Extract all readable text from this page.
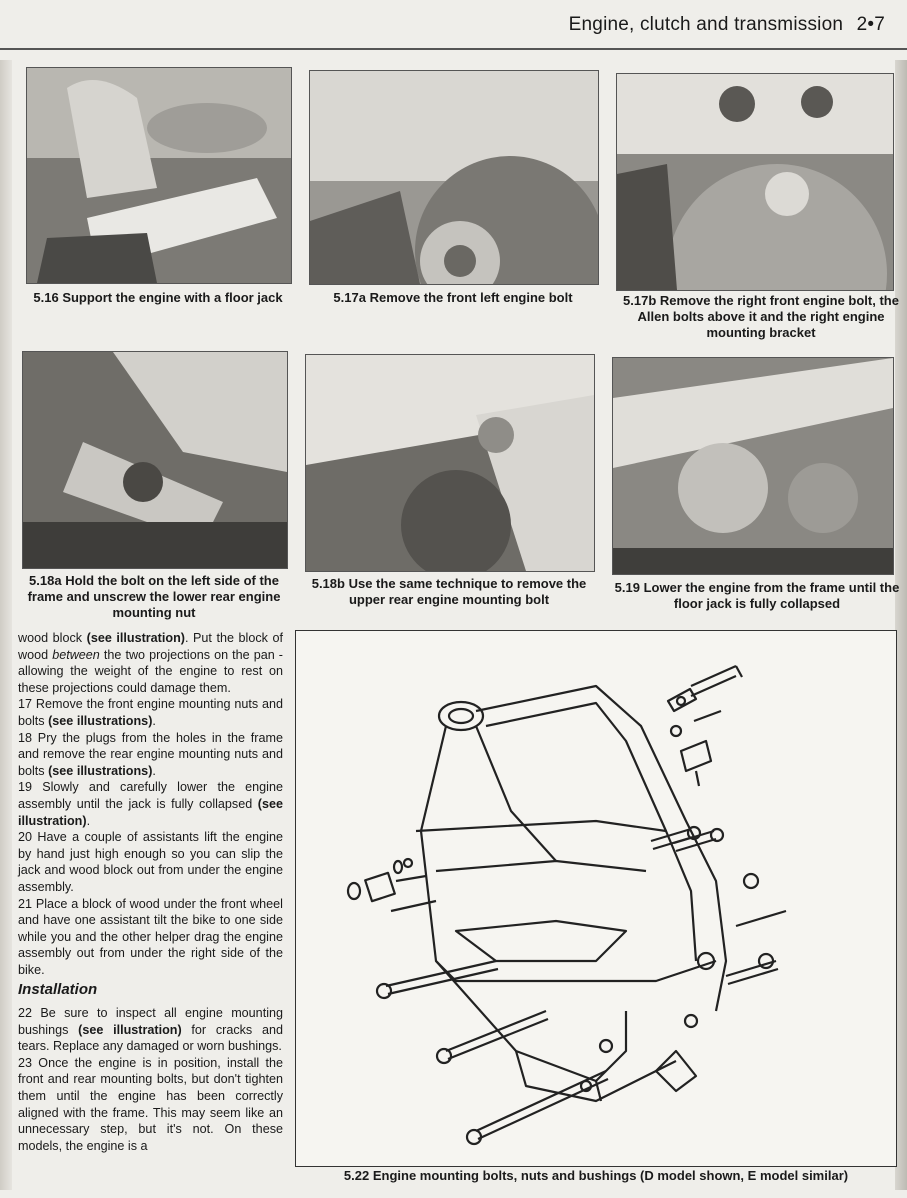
Engine, clutch and transmission 2•7
5.16 Support the engine with a floor jack	5.17a Remove the front left engine bolt	5.17b Remove the right front engine bolt, the Allen bolts above it and the right engine mounting bracket
5.18a Hold the bolt on the left side of the frame and unscrew the lower rear engine mounting nut
5.18b Use the same technique to remove the upper rear engine mounting bolt
5.19 Lower the engine from the frame until the floor jack is fully collapsed

wood block (see illustration). Put the block of wood between the two projections on the pan - allowing the weight of the engine to rest on these projections could damage them.

17 Remove the front engine mounting nuts and bolts (see illustrations).

18 Pry the plugs from the holes in the frame and remove the rear engine mounting nuts and bolts (see illustrations).

19 Slowly and carefully lower the engine assembly until the jack is fully collapsed (see illustration).

20 Have a couple of assistants lift the engine by hand just high enough so you can slip the jack and wood block out from under the engine assembly.

21 Place a block of wood under the front wheel and have one assistant tilt the bike to one side while you and the other helper drag the engine assembly out from under the right side of the bike.

Installation

22 Be sure to inspect all engine mounting bushings (see illustration) for cracks and tears. Replace any damaged or worn bushings.

23 Once the engine is in position, install the front and rear mounting bolts, but don't tighten them until the engine has been correctly aligned with the frame. This may seem like an unnecessary step, but it's not. On these models, the engine is a

5.22 Engine mounting bolts, nuts and bushings (D model shown, E model similar)
